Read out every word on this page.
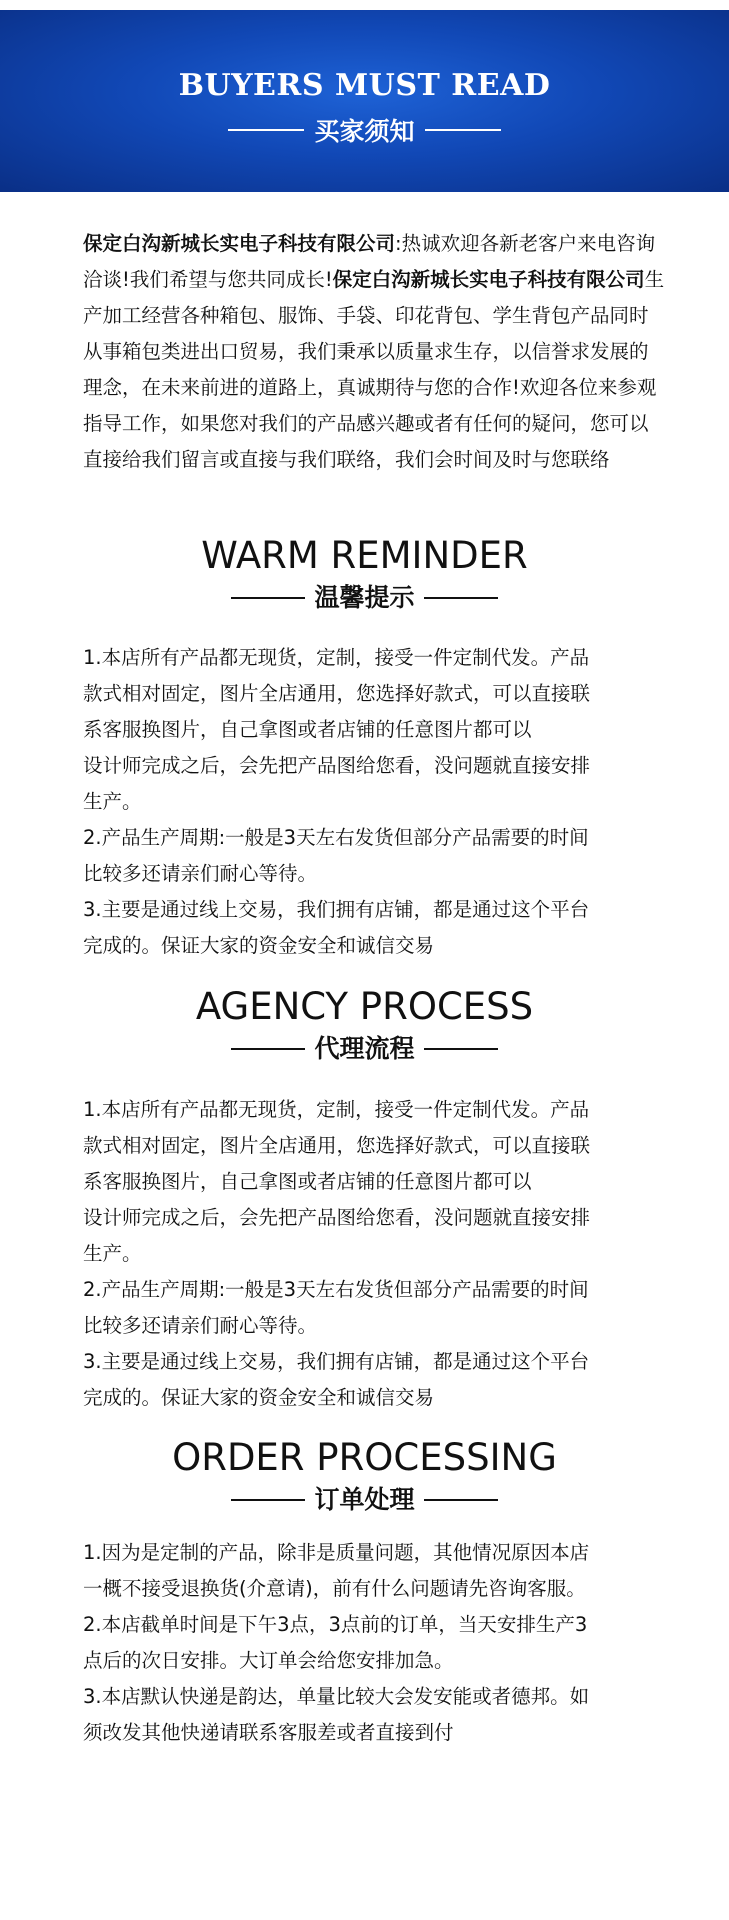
BUYERS MUST READ
买家须知
保定白沟新城长实电子科技有限公司:热诚欢迎各新老客户来电咨询洽谈!我们希望与您共同成长!保定白沟新城长实电子科技有限公司生产加工经营各种箱包、服饰、手袋、印花背包、学生背包产品同时从事箱包类进出口贸易，我们秉承以质量求生存，以信誉求发展的理念，在未来前进的道路上，真诚期待与您的合作!欢迎各位来参观指导工作，如果您对我们的产品感兴趣或者有任何的疑问，您可以直接给我们留言或直接与我们联络，我们会时间及时与您联络
WARM REMINDER
温馨提示
1.本店所有产品都无现货，定制，接受一件定制代发。产品
款式相对固定，图片全店通用，您选择好款式，可以直接联
系客服换图片，自己拿图或者店铺的任意图片都可以
设计师完成之后，会先把产品图给您看，没问题就直接安排
生产。
2.产品生产周期:一般是3天左右发货但部分产品需要的时间
比较多还请亲们耐心等待。
3.主要是通过线上交易，我们拥有店铺，都是通过这个平台
完成的。保证大家的资金安全和诚信交易
AGENCY PROCESS
代理流程
1.本店所有产品都无现货，定制，接受一件定制代发。产品
款式相对固定，图片全店通用，您选择好款式，可以直接联
系客服换图片，自己拿图或者店铺的任意图片都可以
设计师完成之后，会先把产品图给您看，没问题就直接安排
生产。
2.产品生产周期:一般是3天左右发货但部分产品需要的时间
比较多还请亲们耐心等待。
3.主要是通过线上交易，我们拥有店铺，都是通过这个平台
完成的。保证大家的资金安全和诚信交易
ORDER PROCESSING
订单处理
1.因为是定制的产品，除非是质量问题，其他情况原因本店
一概不接受退换货(介意请)，前有什么问题请先咨询客服。
2.本店截单时间是下午3点，3点前的订单，当天安排生产3
点后的次日安排。大订单会给您安排加急。
3.本店默认快递是韵达，单量比较大会发安能或者德邦。如
须改发其他快递请联系客服差或者直接到付
